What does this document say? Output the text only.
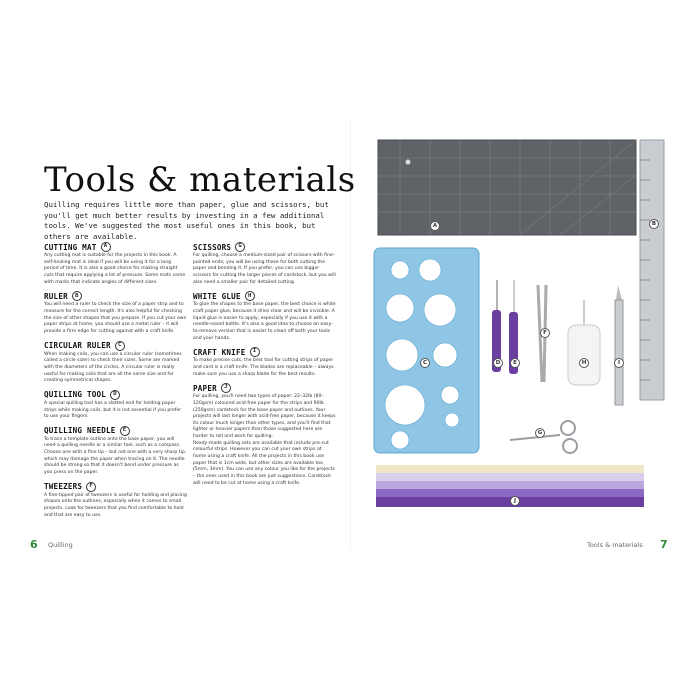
Tools & materials

Quilling requires little more than paper, glue and scissors, but you'll get much better results by investing in a few additional tools. We've suggested the most useful ones in this book, but others are available.

CUTTING MAT	A

Any cutting mat is suitable for the projects in this book. A self-healing mat is ideal if you will be using it for a long period of time. It is also a good choice for making straight cuts that require applying a lot of pressure. Some mats come with marks that indicate angles of different sizes.

RULER	B

You will need a ruler to check the size of a paper strip and to measure for the correct length. It's also helpful for checking the size of other shapes that you prepare. If you cut your own paper strips at home, you should use a metal ruler – it will provide a firm edge for cutting against with a craft knife.

CIRCULAR RULER	C

When making coils, you can use a circular ruler (sometimes called a circle sizer) to check their sizes. Some are marked with the diameters of the circles. A circular ruler is really useful for making coils that are all the same size and for creating symmetrical shapes.

QUILLING TOOL	D

A special quilling tool has a slotted end for holding paper strips while making coils, but it is not essential if you prefer to use your fingers.

QUILLING NEEDLE	E

To trace a template outline onto the base paper, you will need a quilling needle or a similar tool, such as a compass. Choose one with a fine tip – but not one with a very sharp tip, which may damage the paper when tracing on it. The needle should be strong so that it doesn't bend under pressure as you press on the paper.

TWEEZERS	F

A fine-tipped pair of tweezers is useful for holding and placing shapes onto the outlines, especially when it comes to small projects. Look for tweezers that you find comfortable to hold and that are easy to use.

SCISSORS	G

For quilling, choose a medium-sized pair of scissors with fine-pointed ends; you will be using these for both cutting the paper and bending it. If you prefer, you can use bigger scissors for cutting the larger pieces of cardstock, but you will also need a smaller pair for detailed cutting.

WHITE GLUE	H

To glue the shapes to the base paper, the best choice is white craft paper glue, because it dries clear and will be invisible. A liquid glue is easier to apply, especially if you use it with a needle-nosed bottle. It's also a good idea to choose an easy-to-remove version that is easier to clean off both your tools and your hands.

CRAFT KNIFE	I

To make precise cuts, the best tool for cutting strips of paper and card is a craft knife. The blades are replaceable – always make sure you use a sharp blade for the best results.

PAPER	J

For quilling, you'll need two types of paper: 22–32lb (80–120gsm) coloured acid-free paper for the strips and 90lb (250gsm) cardstock for the base paper and outlines. Your projects will last longer with acid-free paper, because it keeps its colour much longer than other types, and you'll find that lighter or heavier papers than those suggested here are harder to roll and work for quilling.
Ready-made quilling sets are available that include pre-cut colourful strips. However you can cut your own strips at home using a craft knife. All the projects in this book use paper that is 1cm wide, but other sizes are available too (5mm, 3mm). You can use any colour you like for the projects – the ones used in this book are just suggestions. Cardstock will need to be cut at home using a craft knife.

6 Quilling	Tools & materials 7
A	B
C	D	E
F
G
H	I
J
